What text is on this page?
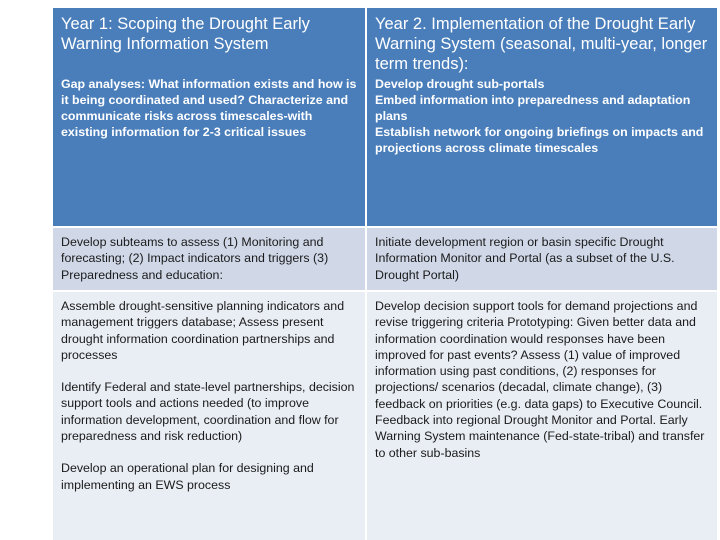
Year 1: Scoping the Drought Early Warning Information System

Gap analyses: What information exists and how is it being coordinated and used? Characterize and communicate risks across timescales-with existing information for 2-3 critical issues

Year 2. Implementation of the Drought Early Warning System (seasonal, multi-year, longer term trends):

Develop drought sub-portals

Embed information into preparedness and adaptation plans

Establish network for ongoing briefings on impacts and projections across climate timescales

Develop subteams to assess (1) Monitoring and forecasting; (2) Impact indicators and triggers (3) Preparedness and education:

Initiate development region or basin specific Drought Information Monitor and Portal (as a subset of the U.S. Drought Portal)

Assemble drought-sensitive planning indicators and management triggers database; Assess present drought information coordination partnerships and processes

Identify Federal and state-level partnerships, decision support tools and actions needed (to improve information development, coordination and flow for preparedness and risk reduction)

Develop an operational plan for designing and implementing an EWS process

Develop decision support tools for demand projections and revise triggering criteria Prototyping: Given better data and information coordination would responses have been improved for past events? Assess (1) value of improved information using past conditions, (2) responses for projections/ scenarios (decadal, climate change), (3) feedback on priorities (e.g. data gaps) to Executive Council. Feedback into regional Drought Monitor and Portal. Early Warning System maintenance (Fed-state-tribal) and transfer to other sub-basins
